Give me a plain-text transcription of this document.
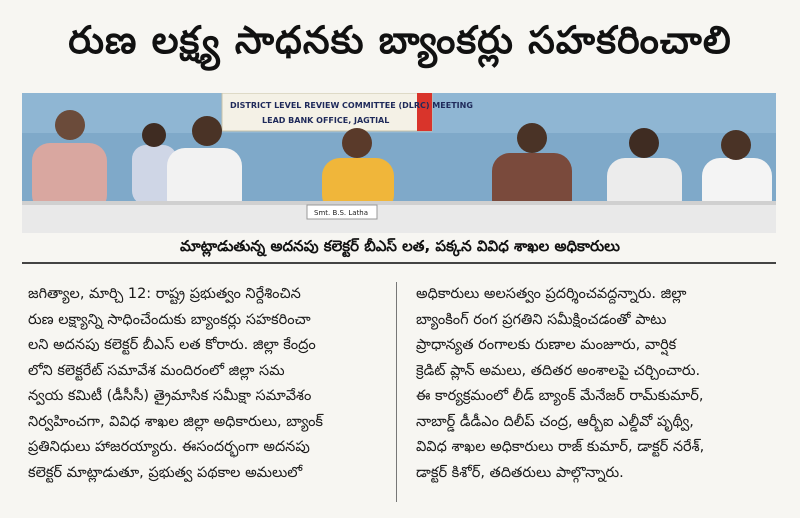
రుణ లక్ష్య సాధనకు బ్యాంకర్లు సహకరించాలి
DISTRICT LEVEL REVIEW COMMITTEE (DLRC) MEETING
LEAD BANK OFFICE, JAGTIAL
Smt. B.S. Latha
మాట్లాడుతున్న అదనపు కలెక్టర్ బీఎస్ లత, పక్కన వివిధ శాఖల అధికారులు
జగిత్యాల, మార్చి 12: రాష్ట్ర ప్రభుత్వం నిర్దేశించిన
రుణ లక్ష్యాన్ని సాధించేందుకు బ్యాంకర్లు సహకరించా
లని అదనపు కలెక్టర్ బీఎస్ లత కోరారు. జిల్లా కేంద్రం
లోని కలెక్టరేట్ సమావేశ మందిరంలో జిల్లా సమ
న్వయ కమిటీ (డీసీసీ) త్రైమాసిక సమీక్షా సమావేశం
నిర్వహించగా, వివిధ శాఖల జిల్లా అధికారులు, బ్యాంక్
ప్రతినిధులు హాజరయ్యారు. ఈసందర్భంగా అదనపు
కలెక్టర్ మాట్లాడుతూ, ప్రభుత్వ పథకాల అమలులో
అధికారులు అలసత్వం ప్రదర్శించవద్దన్నారు. జిల్లా
బ్యాంకింగ్ రంగ ప్రగతిని సమీక్షించడంతో పాటు
ప్రాధాన్యత రంగాలకు రుణాల మంజూరు, వార్షిక
క్రెడిట్ ప్లాన్ అమలు, తదితర అంశాలపై చర్చించారు.
ఈ కార్యక్రమంలో లీడ్ బ్యాంక్ మేనేజర్ రామ్‌కుమార్,
నాబార్డ్ డీడీఎం దిలీప్ చంద్ర, ఆర్బీఐ ఎల్డీవో పృథ్వీ,
వివిధ శాఖల అధికారులు రాజ్ కుమార్, డాక్టర్ నరేశ్,
డాక్టర్ కిశోర్, తదితరులు పాల్గొన్నారు.
